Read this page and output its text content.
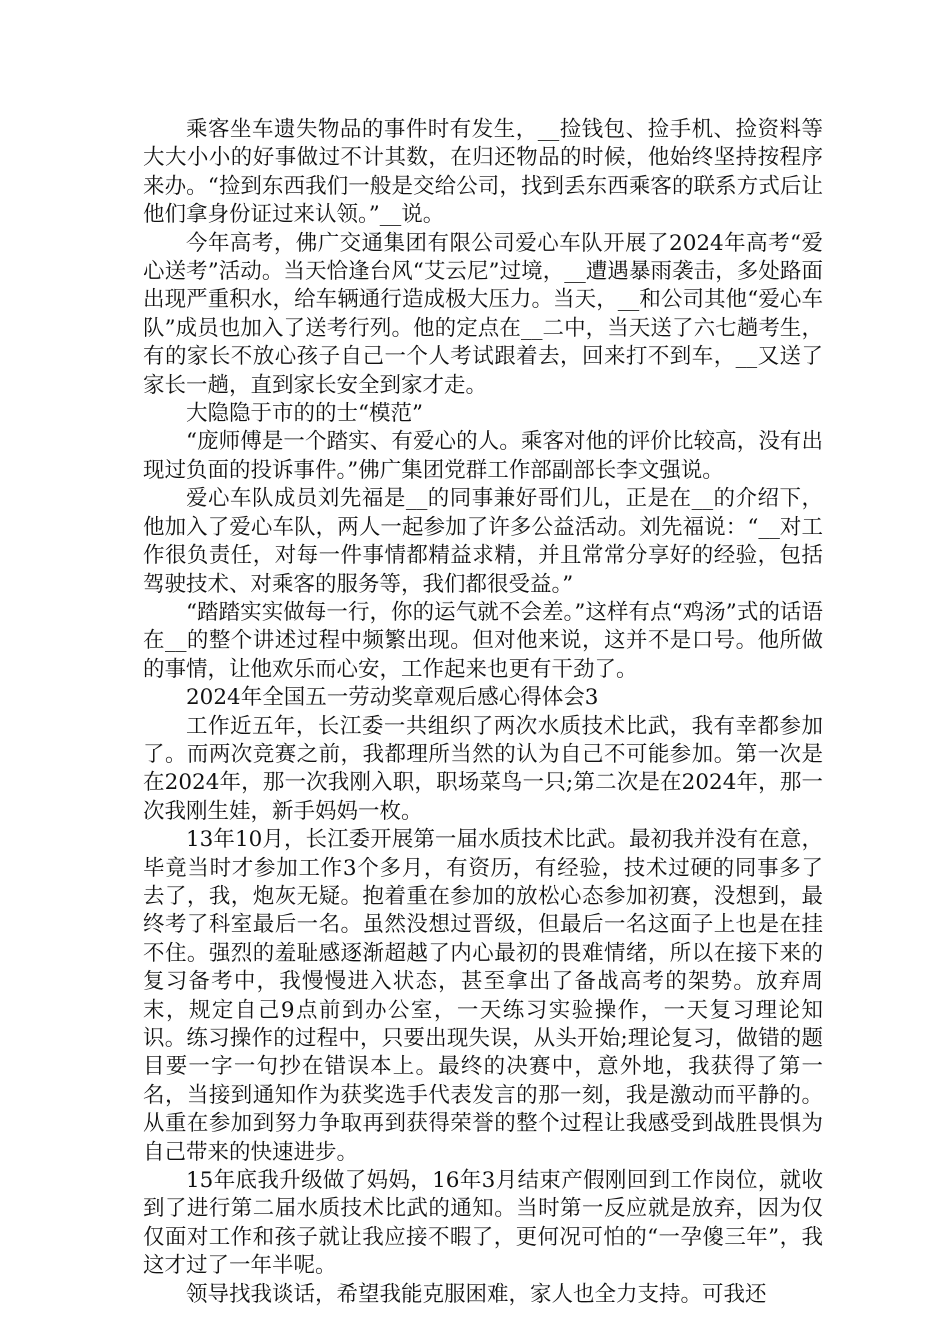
乘客坐车遗失物品的事件时有发生，__捡钱包、捡手机、捡资料等大大小小的好事做过不计其数，在归还物品的时候，他始终坚持按程序来办。“捡到东西我们一般是交给公司，找到丢东西乘客的联系方式后让他们拿身份证过来认领。”__说。

今年高考，佛广交通集团有限公司爱心车队开展了2024年高考“爱心送考”活动。当天恰逢台风“艾云尼”过境，__遭遇暴雨袭击，多处路面出现严重积水，给车辆通行造成极大压力。当天，__和公司其他“爱心车队”成员也加入了送考行列。他的定点在__二中，当天送了六七趟考生，有的家长不放心孩子自己一个人考试跟着去，回来打不到车，__又送了家长一趟，直到家长安全到家才走。

大隐隐于市的的士“模范”

“庞师傅是一个踏实、有爱心的人。乘客对他的评价比较高，没有出现过负面的投诉事件。”佛广集团党群工作部副部长李文强说。

爱心车队成员刘先福是__的同事兼好哥们儿，正是在__的介绍下，他加入了爱心车队，两人一起参加了许多公益活动。刘先福说：“__对工作很负责任，对每一件事情都精益求精，并且常常分享好的经验，包括驾驶技术、对乘客的服务等，我们都很受益。”

“踏踏实实做每一行，你的运气就不会差。”这样有点“鸡汤”式的话语在__的整个讲述过程中频繁出现。但对他来说，这并不是口号。他所做的事情，让他欢乐而心安，工作起来也更有干劲了。

2024年全国五一劳动奖章观后感心得体会3

工作近五年，长江委一共组织了两次水质技术比武，我有幸都参加了。而两次竞赛之前，我都理所当然的认为自己不可能参加。第一次是在2024年，那一次我刚入职，职场菜鸟一只;第二次是在2024年，那一次我刚生娃，新手妈妈一枚。

13年10月，长江委开展第一届水质技术比武。最初我并没有在意，毕竟当时才参加工作3个多月，有资历，有经验，技术过硬的同事多了去了，我，炮灰无疑。抱着重在参加的放松心态参加初赛，没想到，最终考了科室最后一名。虽然没想过晋级，但最后一名这面子上也是在挂不住。强烈的羞耻感逐渐超越了内心最初的畏难情绪，所以在接下来的复习备考中，我慢慢进入状态，甚至拿出了备战高考的架势。放弃周末，规定自己9点前到办公室，一天练习实验操作，一天复习理论知识。练习操作的过程中，只要出现失误，从头开始;理论复习，做错的题目要一字一句抄在错误本上。最终的决赛中，意外地，我获得了第一名，当接到通知作为获奖选手代表发言的那一刻，我是激动而平静的。从重在参加到努力争取再到获得荣誉的整个过程让我感受到战胜畏惧为自己带来的快速进步。

15年底我升级做了妈妈，16年3月结束产假刚回到工作岗位，就收到了进行第二届水质技术比武的通知。当时第一反应就是放弃，因为仅仅面对工作和孩子就让我应接不暇了，更何况可怕的“一孕傻三年”，我这才过了一年半呢。

领导找我谈话，希望我能克服困难，家人也全力支持。可我还
